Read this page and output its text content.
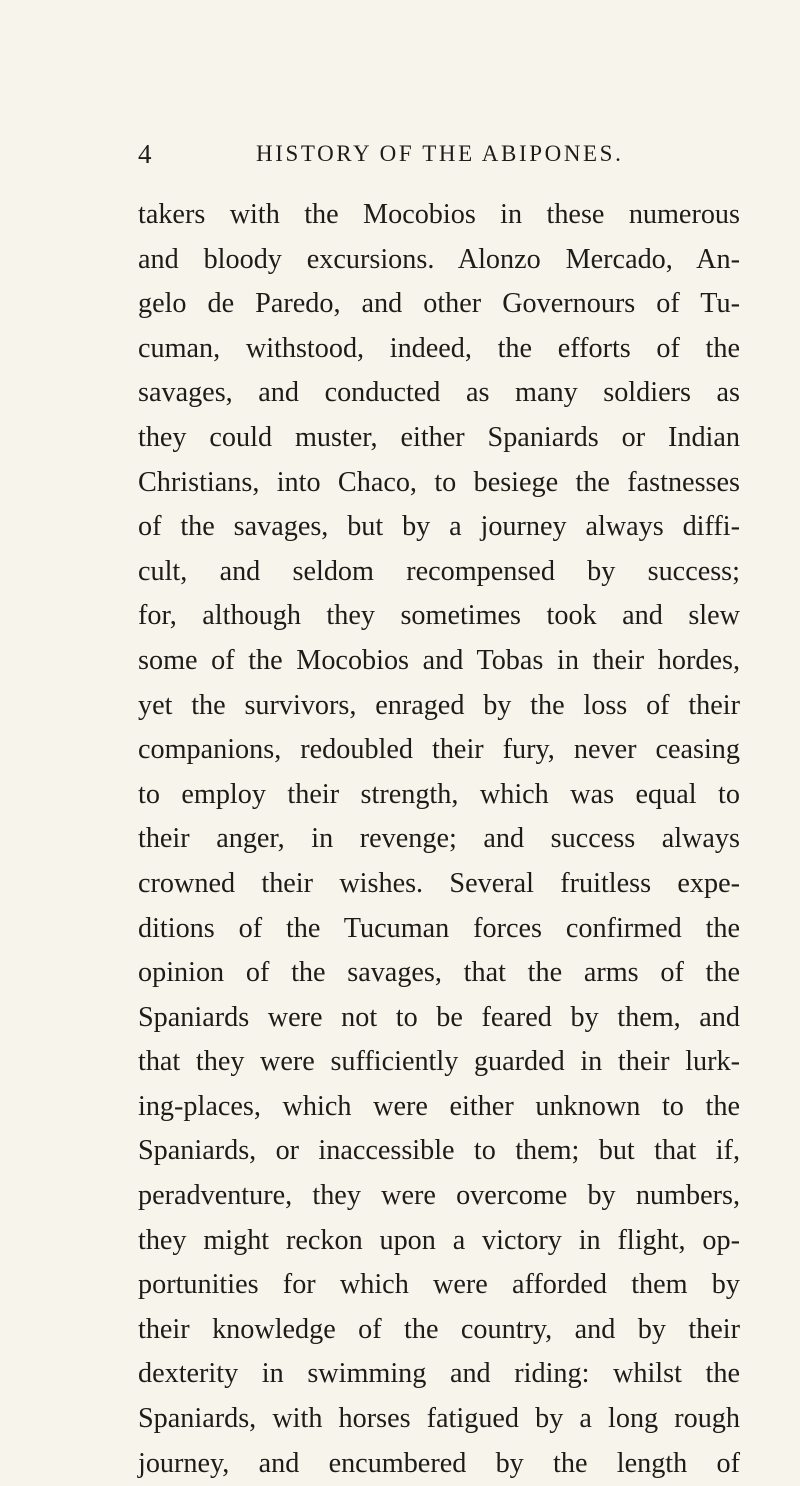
4	HISTORY OF THE ABIPONES.
takers with the Mocobios in these numerous
and bloody excursions. Alonzo Mercado, An-
gelo de Paredo, and other Governours of Tu-
cuman, withstood, indeed, the efforts of the
savages, and conducted as many soldiers as
they could muster, either Spaniards or Indian
Christians, into Chaco, to besiege the fastnesses
of the savages, but by a journey always diffi-
cult, and seldom recompensed by success;
for, although they sometimes took and slew
some of the Mocobios and Tobas in their hordes,
yet the survivors, enraged by the loss of their
companions, redoubled their fury, never ceasing
to employ their strength, which was equal to
their anger, in revenge; and success always
crowned their wishes. Several fruitless expe-
ditions of the Tucuman forces confirmed the
opinion of the savages, that the arms of the
Spaniards were not to be feared by them, and
that they were sufficiently guarded in their lurk-
ing-places, which were either unknown to the
Spaniards, or inaccessible to them; but that if,
peradventure, they were overcome by numbers,
they might reckon upon a victory in flight, op-
portunities for which were afforded them by
their knowledge of the country, and by their
dexterity in swimming and riding: whilst the
Spaniards, with horses fatigued by a long rough
journey, and encumbered by the length of
